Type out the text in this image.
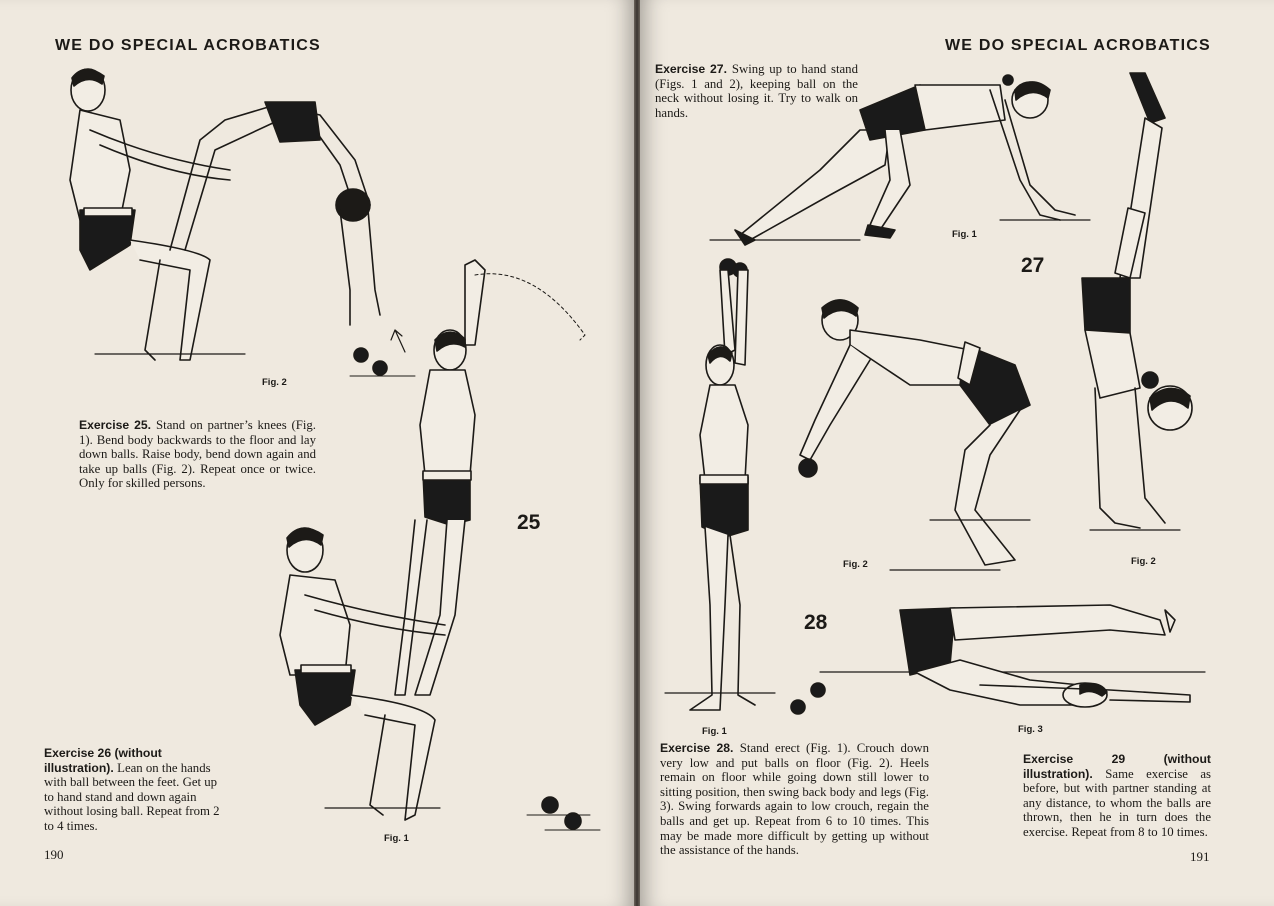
WE DO SPECIAL ACROBATICS
Fig. 2
Exercise 25. Stand on partner’s knees (Fig. 1). Bend body backwards to the floor and lay down balls. Raise body, bend down again and take up balls (Fig. 2). Repeat once or twice. Only for skilled persons.
25
Fig. 1
Exercise 26 (without illustration). Lean on the hands with ball between the feet. Get up to hand stand and down again without losing ball. Repeat from 2 to 4 times.
190
WE DO SPECIAL ACROBATICS
Exercise 27. Swing up to hand stand (Figs. 1 and 2), keeping ball on the neck without losing it. Try to walk on hands.
Fig. 1
27
Fig. 2
Fig. 1
Fig. 2
28
Fig. 3
Exercise 28. Stand erect (Fig. 1). Crouch down very low and put balls on floor (Fig. 2). Heels remain on floor while going down still lower to sitting position, then swing back body and legs (Fig. 3). Swing forwards again to low crouch, regain the balls and get up. Repeat from 6 to 10 times. This may be made more difficult by getting up without the assistance of the hands.
Exercise 29 (without illustration). Same exercise as before, but with partner standing at any distance, to whom the balls are thrown, then he in turn does the exercise. Repeat from 8 to 10 times.
191
